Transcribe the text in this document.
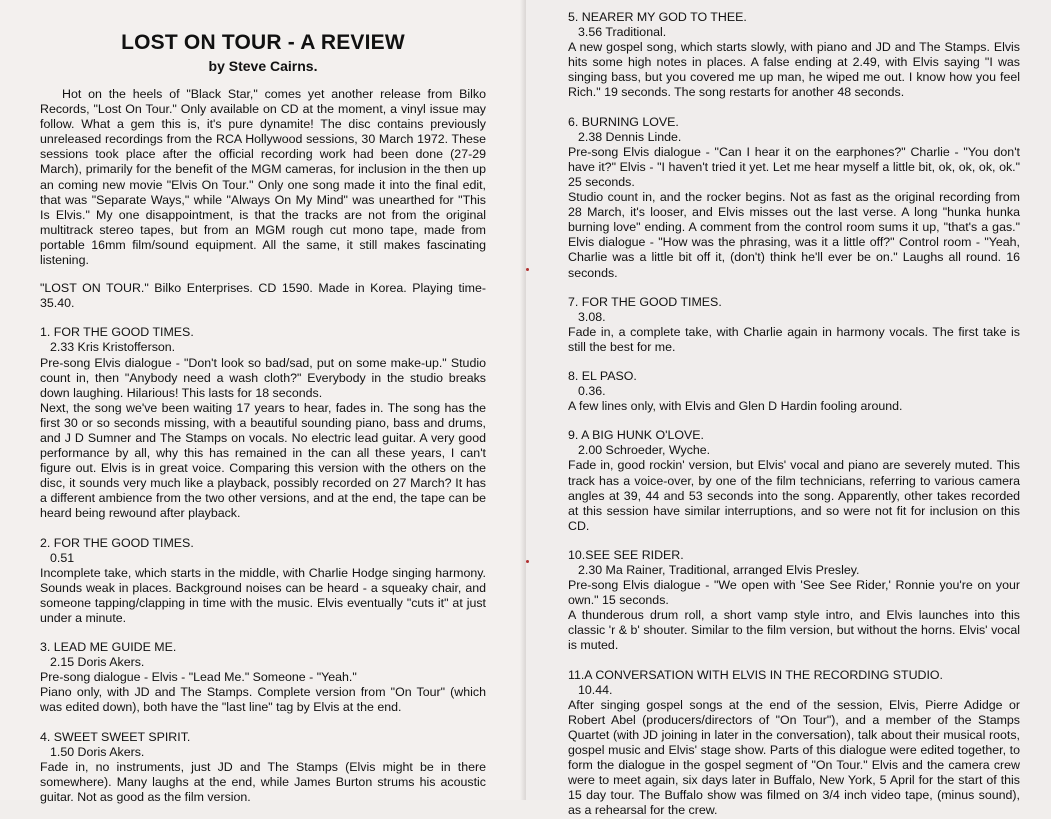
LOST ON TOUR - A REVIEW
by Steve Cairns.

Hot on the heels of "Black Star," comes yet another release from Bilko Records, "Lost On Tour." Only available on CD at the moment, a vinyl issue may follow. What a gem this is, it's pure dynamite! The disc contains previously unreleased recordings from the RCA Hollywood sessions, 30 March 1972. These sessions took place after the official recording work had been done (27-29 March), primarily for the benefit of the MGM cameras, for inclusion in the then up an coming new movie "Elvis On Tour." Only one song made it into the final edit, that was "Separate Ways," while "Always On My Mind" was unearthed for "This Is Elvis." My one disappointment, is that the tracks are not from the original multitrack stereo tapes, but from an MGM rough cut mono tape, made from portable 16mm film/sound equipment. All the same, it still makes fascinating listening.

"LOST ON TOUR." Bilko Enterprises. CD 1590. Made in Korea. Playing time- 35.40.

1. FOR THE GOOD TIMES.

2.33 Kris Kristofferson.

Pre-song Elvis dialogue - "Don't look so bad/sad, put on some make-up." Studio count in, then "Anybody need a wash cloth?" Everybody in the studio breaks down laughing. Hilarious! This lasts for 18 seconds.

Next, the song we've been waiting 17 years to hear, fades in. The song has the first 30 or so seconds missing, with a beautiful sounding piano, bass and drums, and J D Sumner and The Stamps on vocals. No electric lead guitar. A very good performance by all, why this has remained in the can all these years, I can't figure out. Elvis is in great voice. Comparing this version with the others on the disc, it sounds very much like a playback, possibly recorded on 27 March? It has a different ambience from the two other versions, and at the end, the tape can be heard being rewound after playback.

2. FOR THE GOOD TIMES.

0.51

Incomplete take, which starts in the middle, with Charlie Hodge singing harmony. Sounds weak in places. Background noises can be heard - a squeaky chair, and someone tapping/clapping in time with the music. Elvis eventually "cuts it" at just under a minute.

3. LEAD ME GUIDE ME.

2.15 Doris Akers.

Pre-song dialogue - Elvis - "Lead Me." Someone - "Yeah."

Piano only, with JD and The Stamps. Complete version from "On Tour" (which was edited down), both have the "last line" tag by Elvis at the end.

4. SWEET SWEET SPIRIT.

1.50 Doris Akers.

Fade in, no instruments, just JD and The Stamps (Elvis might be in there somewhere). Many laughs at the end, while James Burton strums his acoustic guitar. Not as good as the film version.

5. NEARER MY GOD TO THEE.

3.56 Traditional.

A new gospel song, which starts slowly, with piano and JD and The Stamps. Elvis hits some high notes in places. A false ending at 2.49, with Elvis saying "I was singing bass, but you covered me up man, he wiped me out. I know how you feel Rich." 19 seconds. The song restarts for another 48 seconds.

6. BURNING LOVE.

2.38 Dennis Linde.

Pre-song Elvis dialogue - "Can I hear it on the earphones?" Charlie - "You don't have it?" Elvis - "I haven't tried it yet. Let me hear myself a little bit, ok, ok, ok, ok." 25 seconds.

Studio count in, and the rocker begins. Not as fast as the original recording from 28 March, it's looser, and Elvis misses out the last verse. A long "hunka hunka burning love" ending. A comment from the control room sums it up, "that's a gas." Elvis dialogue - "How was the phrasing, was it a little off?" Control room - "Yeah, Charlie was a little bit off it, (don't) think he'll ever be on." Laughs all round. 16 seconds.

7. FOR THE GOOD TIMES.

3.08.

Fade in, a complete take, with Charlie again in harmony vocals. The first take is still the best for me.

8. EL PASO.

0.36.

A few lines only, with Elvis and Glen D Hardin fooling around.

9. A BIG HUNK O'LOVE.

2.00 Schroeder, Wyche.

Fade in, good rockin' version, but Elvis' vocal and piano are severely muted. This track has a voice-over, by one of the film technicians, referring to various camera angles at 39, 44 and 53 seconds into the song. Apparently, other takes recorded at this session have similar interruptions, and so were not fit for inclusion on this CD.

10.SEE SEE RIDER.

2.30 Ma Rainer, Traditional, arranged Elvis Presley.

Pre-song Elvis dialogue - "We open with 'See See Rider,' Ronnie you're on your own." 15 seconds.

A thunderous drum roll, a short vamp style intro, and Elvis launches into this classic 'r & b' shouter. Similar to the film version, but without the horns. Elvis' vocal is muted.

11.A CONVERSATION WITH ELVIS IN THE RECORDING STUDIO.

10.44.

After singing gospel songs at the end of the session, Elvis, Pierre Adidge or Robert Abel (producers/directors of "On Tour"), and a member of the Stamps Quartet (with JD joining in later in the conversation), talk about their musical roots, gospel music and Elvis' stage show. Parts of this dialogue were edited together, to form the dialogue in the gospel segment of "On Tour." Elvis and the camera crew were to meet again, six days later in Buffalo, New York, 5 April for the start of this 15 day tour. The Buffalo show was filmed on 3/4 inch video tape, (minus sound), as a rehearsal for the crew.
